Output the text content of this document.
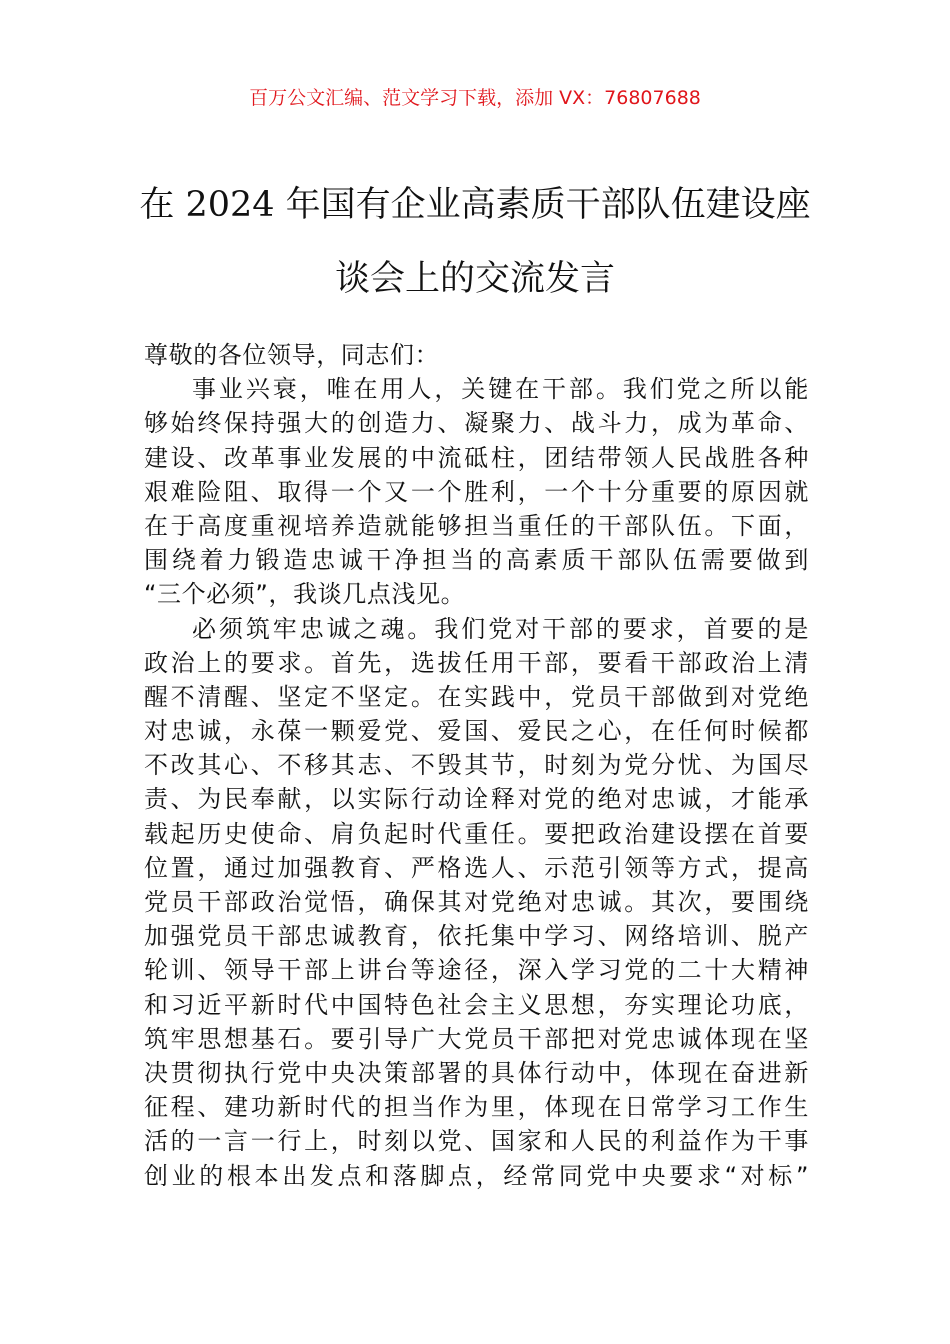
百万公文汇编、范文学习下载，添加 VX：76807688
在 2024 年国有企业高素质干部队伍建设座
谈会上的交流发言
尊敬的各位领导，同志们：
事业兴衰，唯在用人，关键在干部。我们党之所以能
够始终保持强大的创造力、凝聚力、战斗力，成为革命、
建设、改革事业发展的中流砥柱，团结带领人民战胜各种
艰难险阻、取得一个又一个胜利，一个十分重要的原因就
在于高度重视培养造就能够担当重任的干部队伍。下面，
围绕着力锻造忠诚干净担当的高素质干部队伍需要做到
“三个必须”，我谈几点浅见。
必须筑牢忠诚之魂。我们党对干部的要求，首要的是
政治上的要求。首先，选拔任用干部，要看干部政治上清
醒不清醒、坚定不坚定。在实践中，党员干部做到对党绝
对忠诚，永葆一颗爱党、爱国、爱民之心，在任何时候都
不改其心、不移其志、不毁其节，时刻为党分忧、为国尽
责、为民奉献，以实际行动诠释对党的绝对忠诚，才能承
载起历史使命、肩负起时代重任。要把政治建设摆在首要
位置，通过加强教育、严格选人、示范引领等方式，提高
党员干部政治觉悟，确保其对党绝对忠诚。其次，要围绕
加强党员干部忠诚教育，依托集中学习、网络培训、脱产
轮训、领导干部上讲台等途径，深入学习党的二十大精神
和习近平新时代中国特色社会主义思想，夯实理论功底，
筑牢思想基石。要引导广大党员干部把对党忠诚体现在坚
决贯彻执行党中央决策部署的具体行动中，体现在奋进新
征程、建功新时代的担当作为里，体现在日常学习工作生
活的一言一行上，时刻以党、国家和人民的利益作为干事
创业的根本出发点和落脚点，经常同党中央要求“对标”
